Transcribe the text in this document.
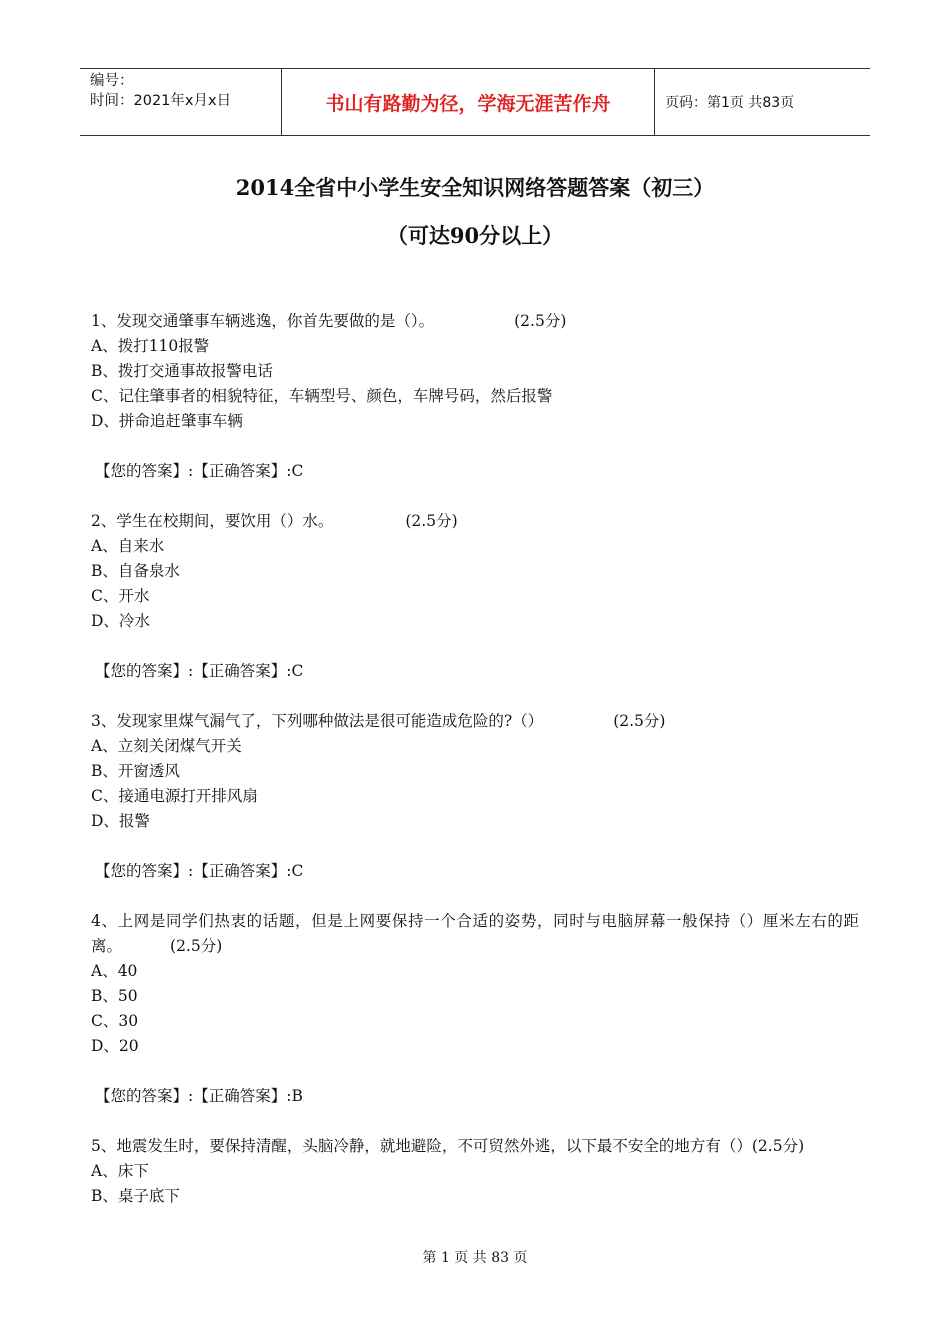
编号：
时间：2021年x月x日	书山有路勤为径，学海无涯苦作舟	页码：第1页 共83页
2014全省中小学生安全知识网络答题答案（初三）
（可达90分以上）
1、发现交通肇事车辆逃逸，你首先要做的是（）。	(2.5分)
A、拨打110报警
B、拨打交通事故报警电话
C、记住肇事者的相貌特征，车辆型号、颜色，车牌号码，然后报警
D、拼命追赶肇事车辆
【您的答案】:【正确答案】:C
2、学生在校期间，要饮用（）水。	(2.5分)
A、自来水
B、自备泉水
C、开水
D、冷水
【您的答案】:【正确答案】:C
3、发现家里煤气漏气了，下列哪种做法是很可能造成危险的?（）	(2.5分)
A、立刻关闭煤气开关
B、开窗透风
C、接通电源打开排风扇
D、报警
【您的答案】:【正确答案】:C
4、上网是同学们热衷的话题，但是上网要保持一个合适的姿势，同时与电脑屏幕一般保持（）厘米左右的距离。	(2.5分)
A、40
B、50
C、30
D、20
【您的答案】:【正确答案】:B
5、地震发生时，要保持清醒，头脑冷静，就地避险，不可贸然外逃，以下最不安全的地方有（）(2.5分)
A、床下
B、桌子底下
第 1 页 共 83 页
